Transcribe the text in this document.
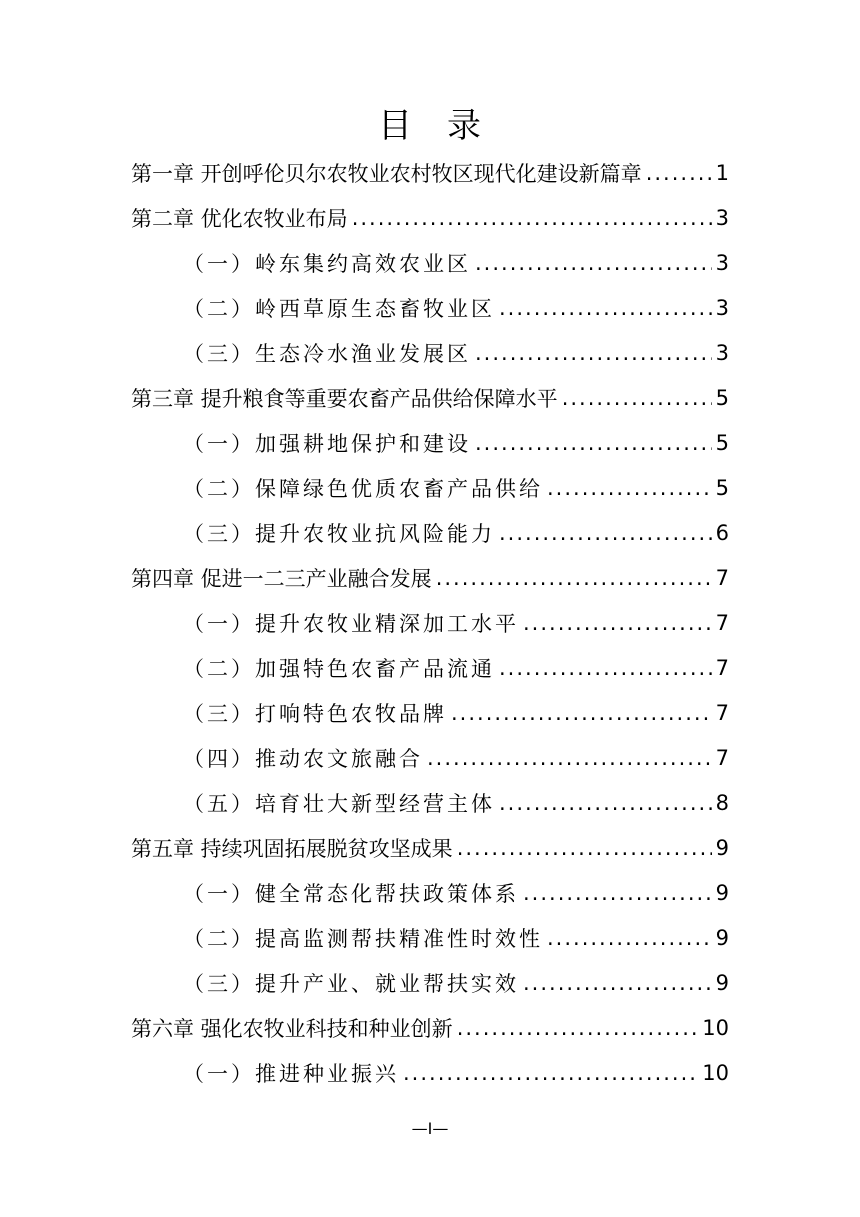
目 录
第一章 开创呼伦贝尔农牧业农村牧区现代化建设新篇章 .....	1
第二章 优化农牧业布局 .....	3
（一）岭东集约高效农业区 .....	3
（二）岭西草原生态畜牧业区 .....	3
（三）生态冷水渔业发展区 .....	3
第三章 提升粮食等重要农畜产品供给保障水平 .....	5
（一）加强耕地保护和建设 .....	5
（二）保障绿色优质农畜产品供给 .....	5
（三）提升农牧业抗风险能力 .....	6
第四章 促进一二三产业融合发展 .....	7
（一）提升农牧业精深加工水平 .....	7
（二）加强特色农畜产品流通 .....	7
（三）打响特色农牧品牌 .....	7
（四）推动农文旅融合 .....	7
（五）培育壮大新型经营主体 .....	8
第五章 持续巩固拓展脱贫攻坚成果 .....	9
（一）健全常态化帮扶政策体系 .....	9
（二）提高监测帮扶精准性时效性 .....	9
（三）提升产业、就业帮扶实效 .....	9
第六章 强化农牧业科技和种业创新 .....	10
（一）推进种业振兴 .....	10
—I—
